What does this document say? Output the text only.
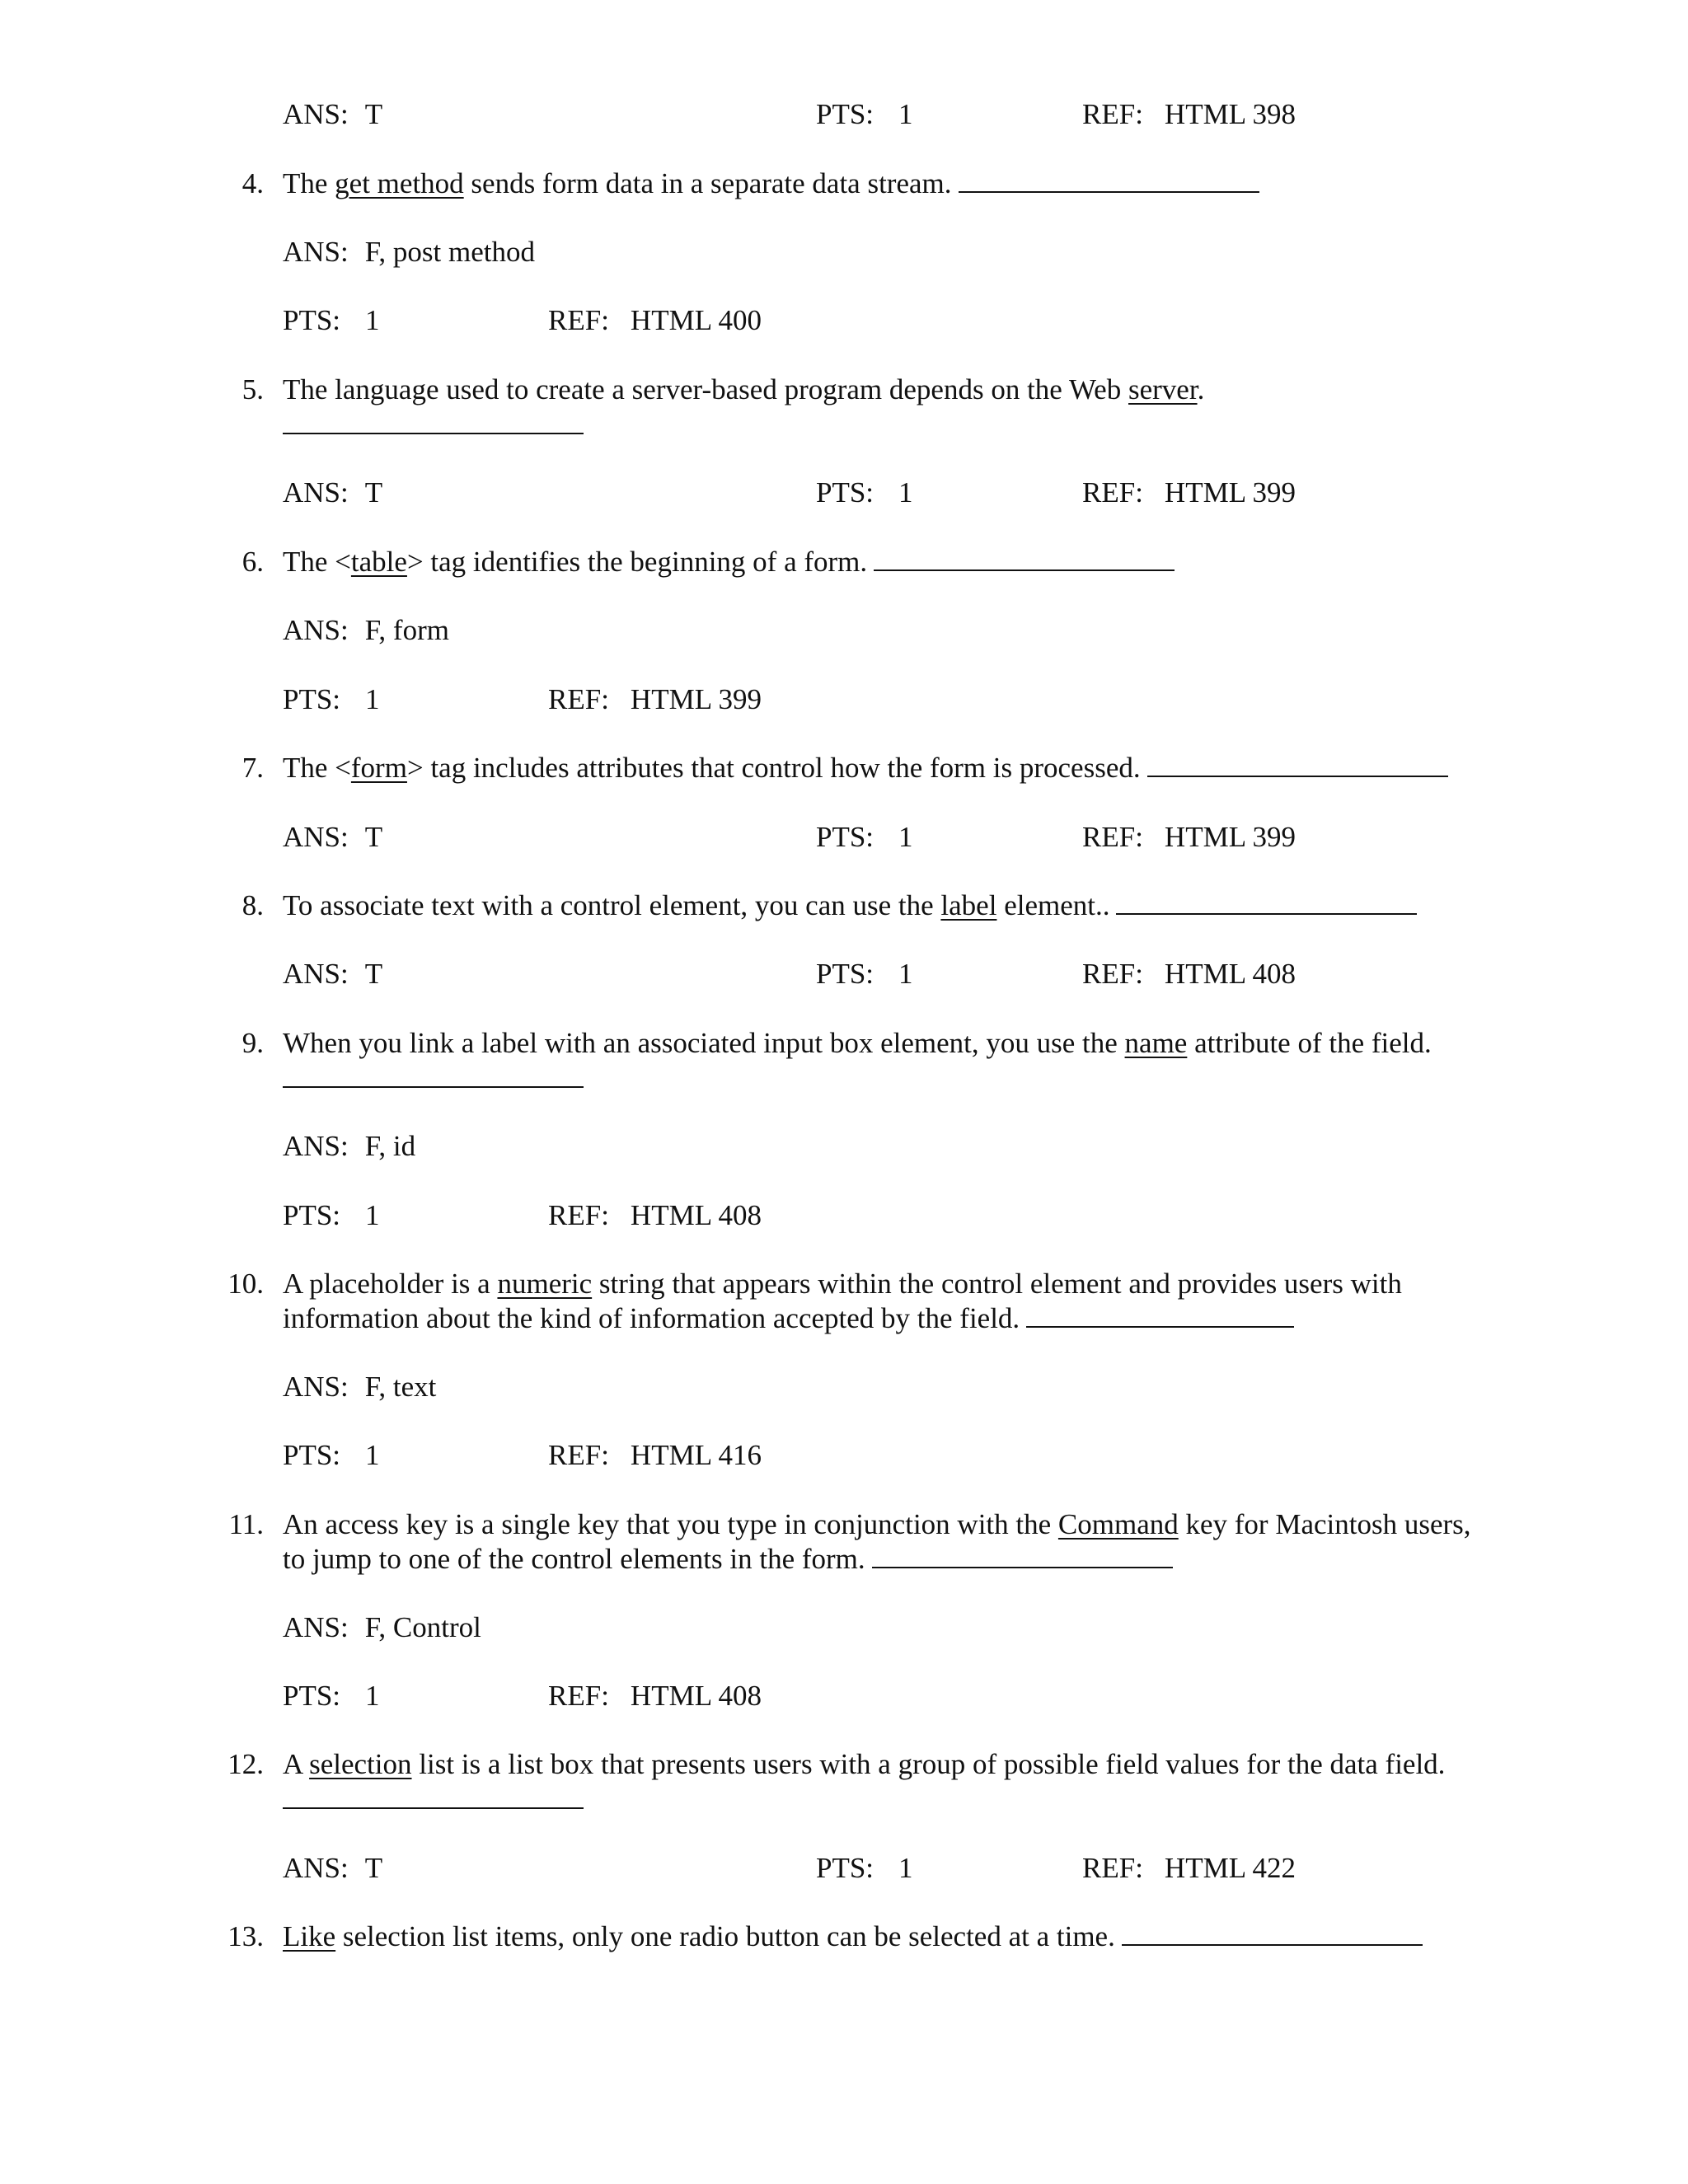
ANS: T	PTS: 1	REF: HTML 398
4. The get method sends form data in a separate data stream.
ANS: F, post method
PTS: 1	REF: HTML 400
5. The language used to create a server-based program depends on the Web server.
ANS: T	PTS: 1	REF: HTML 399
6. The <table> tag identifies the beginning of a form.
ANS: F, form
PTS: 1	REF: HTML 399
7. The <form> tag includes attributes that control how the form is processed.
ANS: T	PTS: 1	REF: HTML 399
8. To associate text with a control element, you can use the label element..
ANS: T	PTS: 1	REF: HTML 408
9. When you link a label with an associated input box element, you use the name attribute of the field.
ANS: F, id
PTS: 1	REF: HTML 408
10. A placeholder is a numeric string that appears within the control element and provides users with
information about the kind of information accepted by the field.
ANS: F, text
PTS: 1	REF: HTML 416
11. An access key is a single key that you type in conjunction with the Command key for Macintosh users,
to jump to one of the control elements in the form.
ANS: F, Control
PTS: 1	REF: HTML 408
12. A selection list is a list box that presents users with a group of possible field values for the data field.
ANS: T	PTS: 1	REF: HTML 422
13. Like selection list items, only one radio button can be selected at a time.
